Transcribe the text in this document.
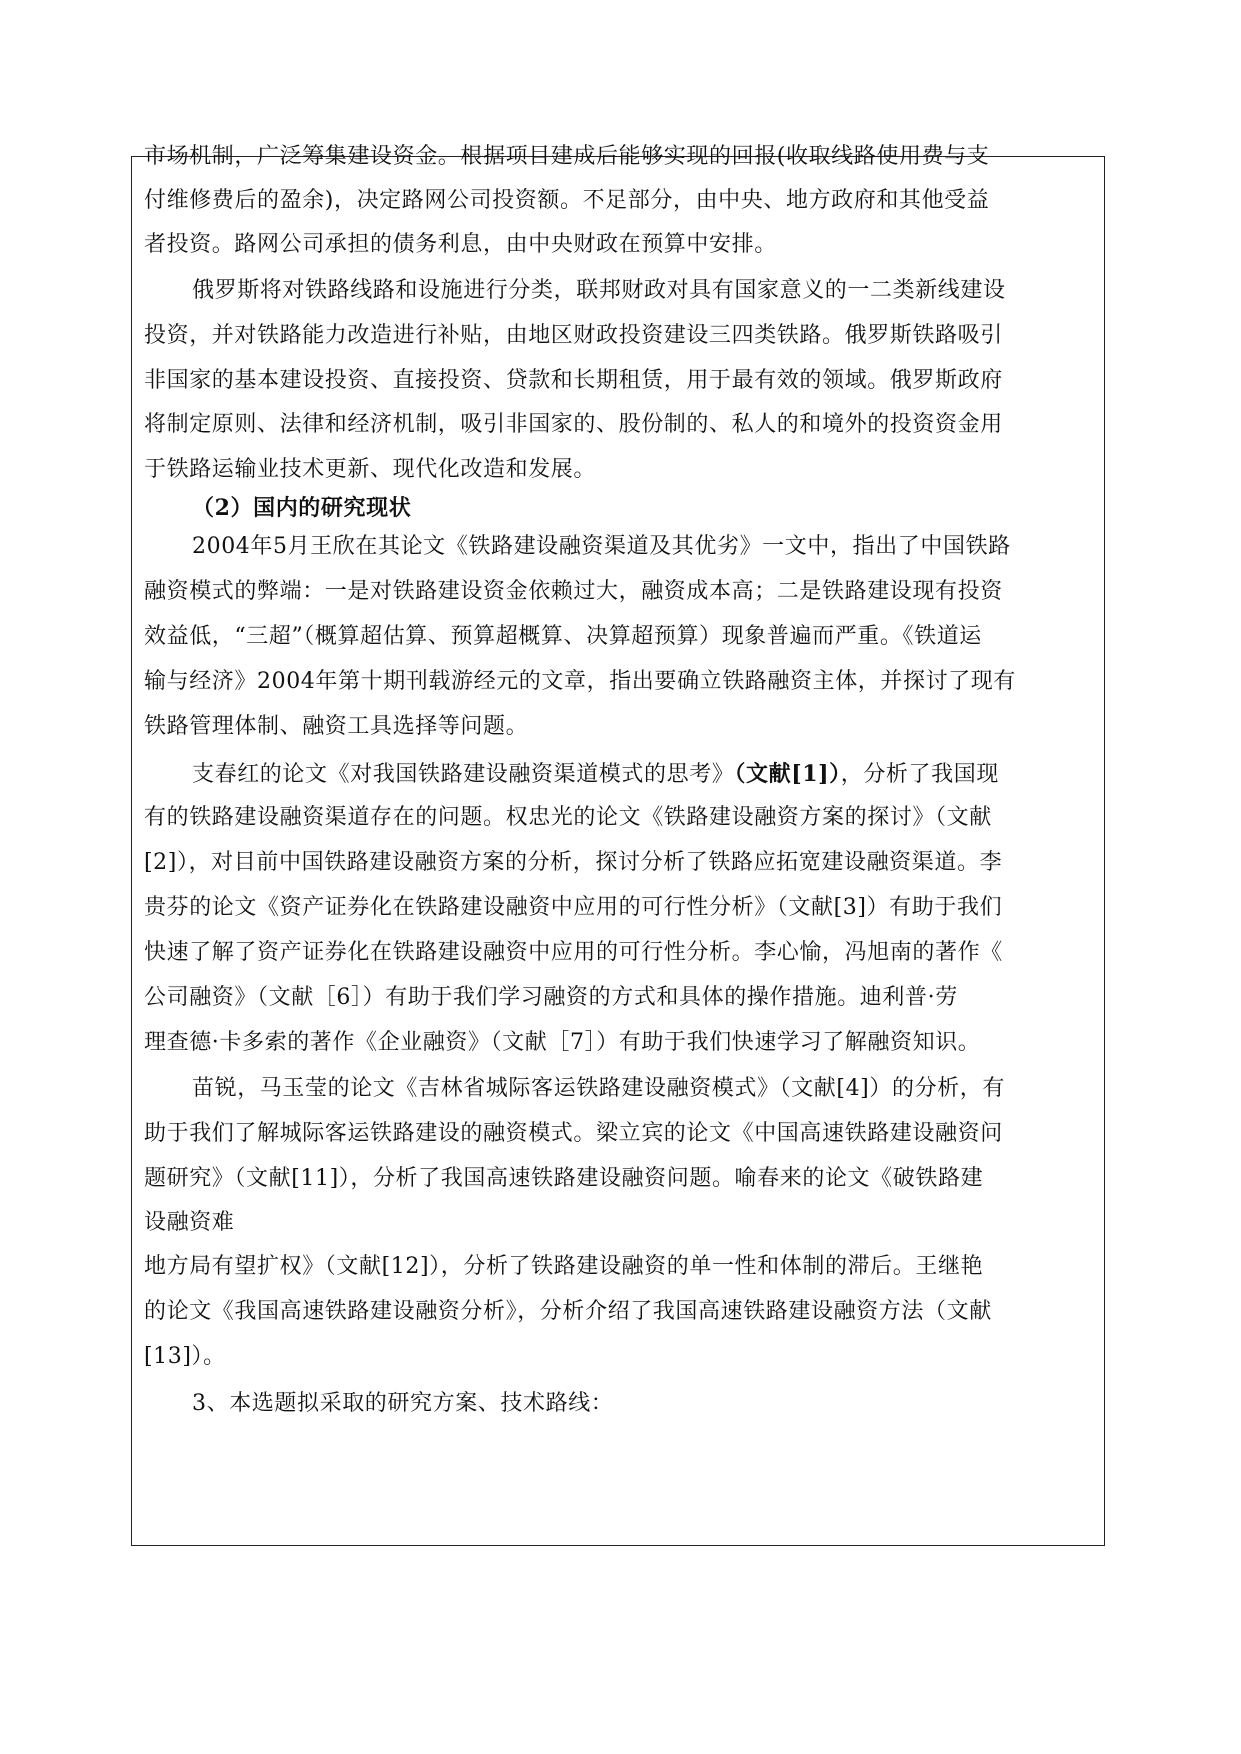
市场机制，广泛筹集建设资金。根据项目建成后能够实现的回报(收取线路使用费与支
付维修费后的盈余)，决定路网公司投资额。不足部分，由中央、地方政府和其他受益
者投资。路网公司承担的债务利息，由中央财政在预算中安排。
俄罗斯将对铁路线路和设施进行分类，联邦财政对具有国家意义的一二类新线建设
投资，并对铁路能力改造进行补贴，由地区财政投资建设三四类铁路。俄罗斯铁路吸引
非国家的基本建设投资、直接投资、贷款和长期租赁，用于最有效的领域。俄罗斯政府
将制定原则、法律和经济机制，吸引非国家的、股份制的、私人的和境外的投资资金用
于铁路运输业技术更新、现代化改造和发展。
（2）国内的研究现状
2004年5月王欣在其论文《铁路建设融资渠道及其优劣》一文中，指出了中国铁路
融资模式的弊端：一是对铁路建设资金依赖过大，融资成本高；二是铁路建设现有投资
效益低，“三超”（概算超估算、预算超概算、决算超预算）现象普遍而严重。《铁道运
输与经济》2004年第十期刊载游经元的文章，指出要确立铁路融资主体，并探讨了现有
铁路管理体制、融资工具选择等问题。
支春红的论文《对我国铁路建设融资渠道模式的思考》（文献[1]），分析了我国现
有的铁路建设融资渠道存在的问题。权忠光的论文《铁路建设融资方案的探讨》（文献
[2]），对目前中国铁路建设融资方案的分析，探讨分析了铁路应拓宽建设融资渠道。李
贵芬的论文《资产证券化在铁路建设融资中应用的可行性分析》（文献[3]）有助于我们
快速了解了资产证券化在铁路建设融资中应用的可行性分析。李心愉，冯旭南的著作《
公司融资》（文献［6］）有助于我们学习融资的方式和具体的操作措施。迪利普·劳
理查德·卡多索的著作《企业融资》（文献［7］）有助于我们快速学习了解融资知识。
苗锐，马玉莹的论文《吉林省城际客运铁路建设融资模式》（文献[4]）的分析，有
助于我们了解城际客运铁路建设的融资模式。梁立宾的论文《中国高速铁路建设融资问
题研究》（文献[11]），分析了我国高速铁路建设融资问题。喻春来的论文《破铁路建
设融资难
地方局有望扩权》（文献[12]），分析了铁路建设融资的单一性和体制的滞后。王继艳
的论文《我国高速铁路建设融资分析》，分析介绍了我国高速铁路建设融资方法（文献
[13]）。
3、本选题拟采取的研究方案、技术路线：
